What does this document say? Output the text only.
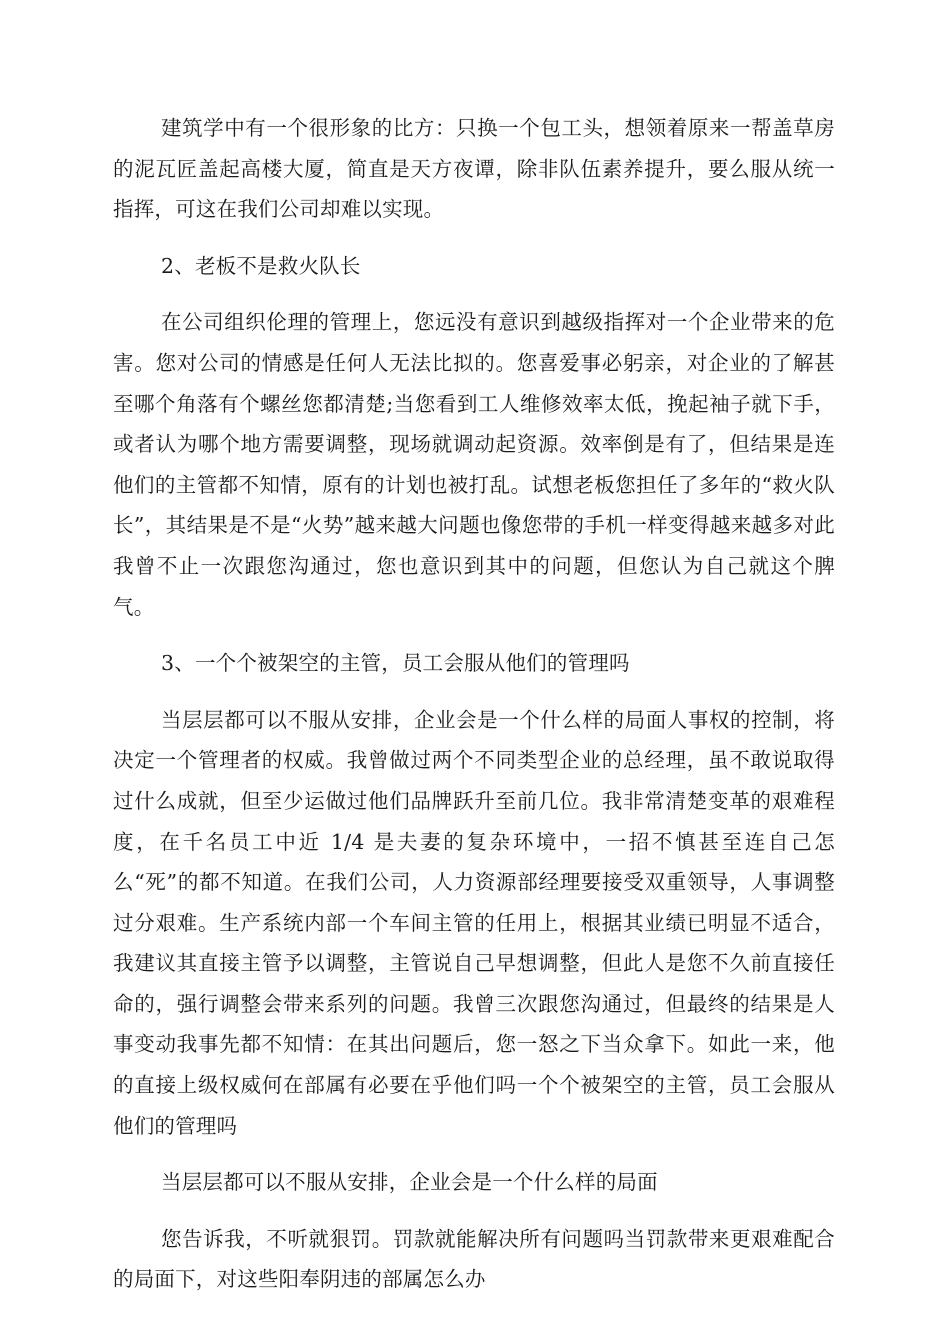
建筑学中有一个很形象的比方：只换一个包工头，想领着原来一帮盖草房的泥瓦匠盖起高楼大厦，简直是天方夜谭，除非队伍素养提升，要么服从统一指挥，可这在我们公司却难以实现。

2、老板不是救火队长

在公司组织伦理的管理上，您远没有意识到越级指挥对一个企业带来的危害。您对公司的情感是任何人无法比拟的。您喜爱事必躬亲，对企业的了解甚至哪个角落有个螺丝您都清楚;当您看到工人维修效率太低，挽起袖子就下手，或者认为哪个地方需要调整，现场就调动起资源。效率倒是有了，但结果是连他们的主管都不知情，原有的计划也被打乱。试想老板您担任了多年的“救火队长”，其结果是不是“火势”越来越大问题也像您带的手机一样变得越来越多对此我曾不止一次跟您沟通过，您也意识到其中的问题，但您认为自己就这个脾气。

3、一个个被架空的主管，员工会服从他们的管理吗

当层层都可以不服从安排，企业会是一个什么样的局面人事权的控制，将决定一个管理者的权威。我曾做过两个不同类型企业的总经理，虽不敢说取得过什么成就，但至少运做过他们品牌跃升至前几位。我非常清楚变革的艰难程度，在千名员工中近 1/4 是夫妻的复杂环境中，一招不慎甚至连自己怎么“死”的都不知道。在我们公司，人力资源部经理要接受双重领导，人事调整过分艰难。生产系统内部一个车间主管的任用上，根据其业绩已明显不适合，我建议其直接主管予以调整，主管说自己早想调整，但此人是您不久前直接任命的，强行调整会带来系列的问题。我曾三次跟您沟通过，但最终的结果是人事变动我事先都不知情：在其出问题后，您一怒之下当众拿下。如此一来，他的直接上级权威何在部属有必要在乎他们吗一个个被架空的主管，员工会服从他们的管理吗

当层层都可以不服从安排，企业会是一个什么样的局面

您告诉我，不听就狠罚。罚款就能解决所有问题吗当罚款带来更艰难配合的局面下，对这些阳奉阴违的部属怎么办
